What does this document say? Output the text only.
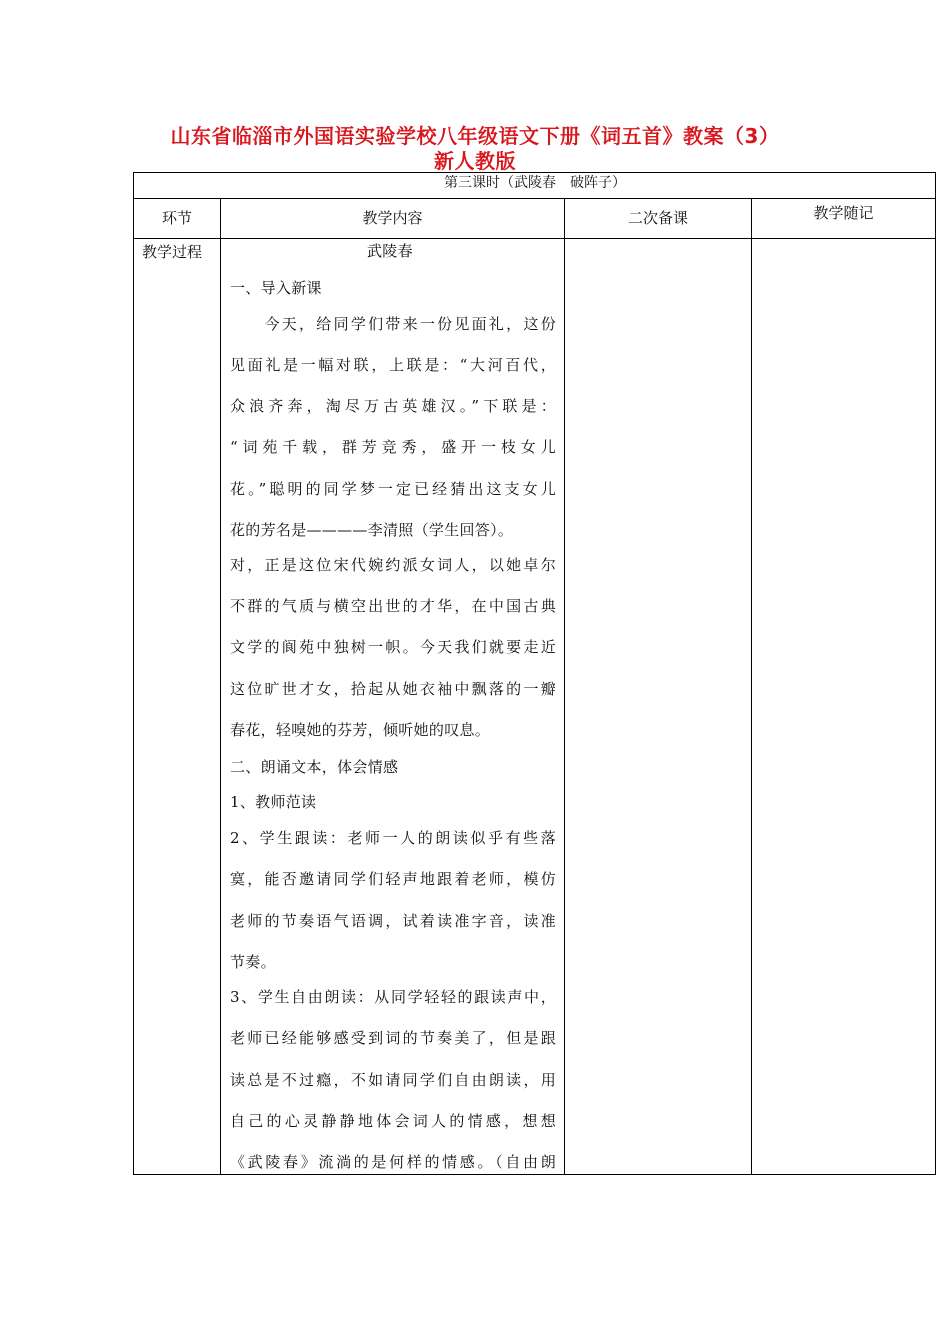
山东省临淄市外国语实验学校八年级语文下册《词五首》教案（3）
新人教版
第三课时（武陵春　破阵子）
环节	教学内容	二次备课	教学随记
教学过程	武陵春
一、导入新课
　　今天，给同学们带来一份见面礼，这份
见面礼是一幅对联，上联是：“大河百代，
众浪齐奔，淘尽万古英雄汉。”下联是：
“词苑千载，群芳竞秀，盛开一枝女儿
花。”聪明的同学梦一定已经猜出这支女儿
花的芳名是————李清照（学生回答）。
对，正是这位宋代婉约派女词人，以她卓尔
不群的气质与横空出世的才华，在中国古典
文学的阆苑中独树一帜。今天我们就要走近
这位旷世才女，拾起从她衣袖中飘落的一瓣
春花，轻嗅她的芬芳，倾听她的叹息。
二、朗诵文本，体会情感
1、教师范读
2、学生跟读：老师一人的朗读似乎有些落
寞，能否邀请同学们轻声地跟着老师，模仿
老师的节奏语气语调，试着读准字音，读准
节奏。
3、学生自由朗读：从同学轻轻的跟读声中，
老师已经能够感受到词的节奏美了，但是跟
读总是不过瘾，不如请同学们自由朗读，用
自己的心灵静静地体会词人的情感，想想
《武陵春》流淌的是何样的情感。（自由朗
